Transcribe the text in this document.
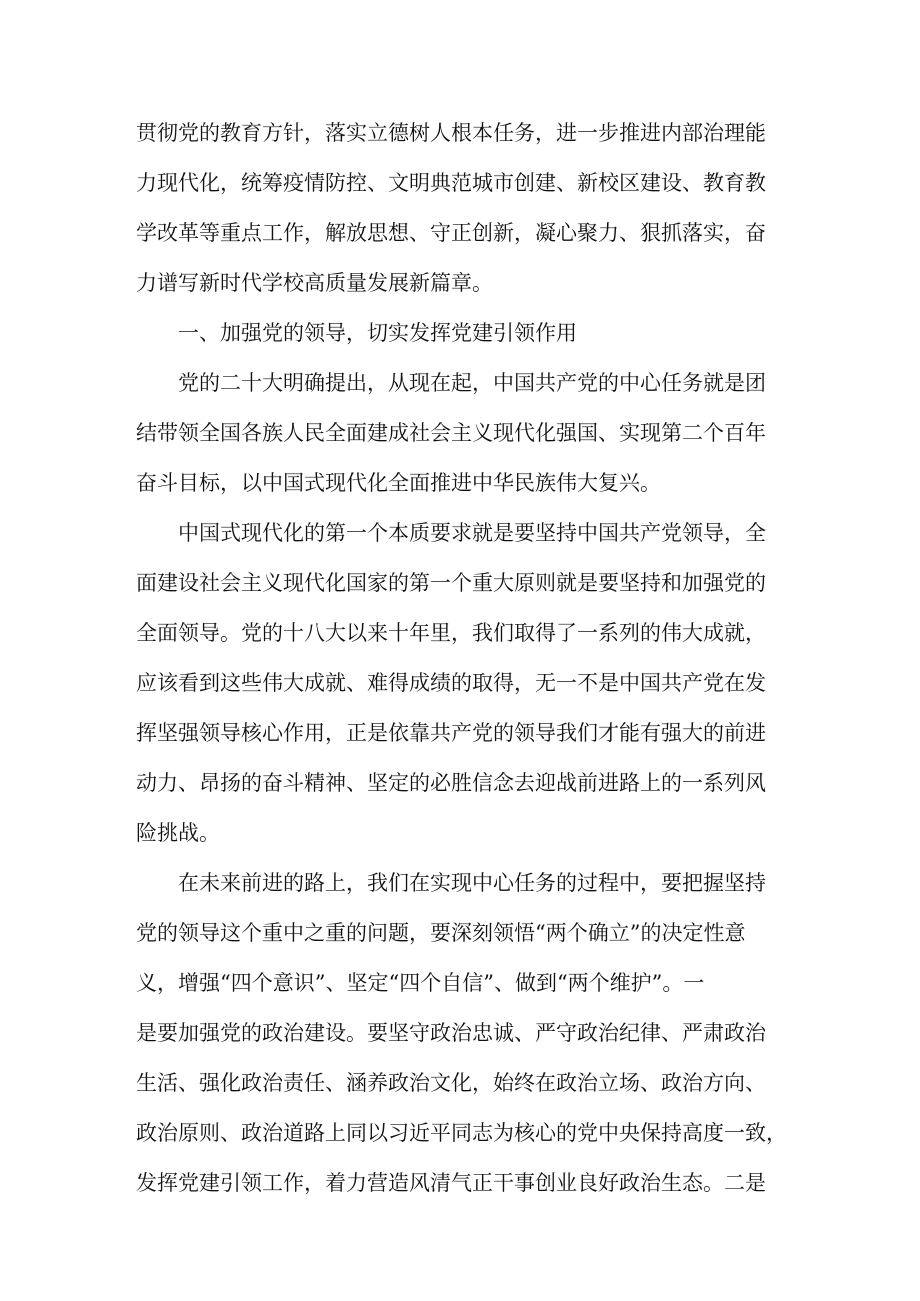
贯彻党的教育方针，落实立德树人根本任务，进一步推进内部治理能
力现代化，统筹疫情防控、文明典范城市创建、新校区建设、教育教
学改革等重点工作，解放思想、守正创新，凝心聚力、狠抓落实，奋
力谱写新时代学校高质量发展新篇章。
一、加强党的领导，切实发挥党建引领作用
党的二十大明确提出，从现在起，中国共产党的中心任务就是团
结带领全国各族人民全面建成社会主义现代化强国、实现第二个百年
奋斗目标，以中国式现代化全面推进中华民族伟大复兴。
中国式现代化的第一个本质要求就是要坚持中国共产党领导，全
面建设社会主义现代化国家的第一个重大原则就是要坚持和加强党的
全面领导。党的十八大以来十年里，我们取得了一系列的伟大成就，
应该看到这些伟大成就、难得成绩的取得，无一不是中国共产党在发
挥坚强领导核心作用，正是依靠共产党的领导我们才能有强大的前进
动力、昂扬的奋斗精神、坚定的必胜信念去迎战前进路上的一系列风
险挑战。
在未来前进的路上，我们在实现中心任务的过程中，要把握坚持
党的领导这个重中之重的问题，要深刻领悟“两个确立”的决定性意
义，增强“四个意识”、坚定“四个自信”、做到“两个维护”。一
是要加强党的政治建设。要坚守政治忠诚、严守政治纪律、严肃政治
生活、强化政治责任、涵养政治文化，始终在政治立场、政治方向、
政治原则、政治道路上同以习近平同志为核心的党中央保持高度一致，
发挥党建引领工作，着力营造风清气正干事创业良好政治生态。二是
